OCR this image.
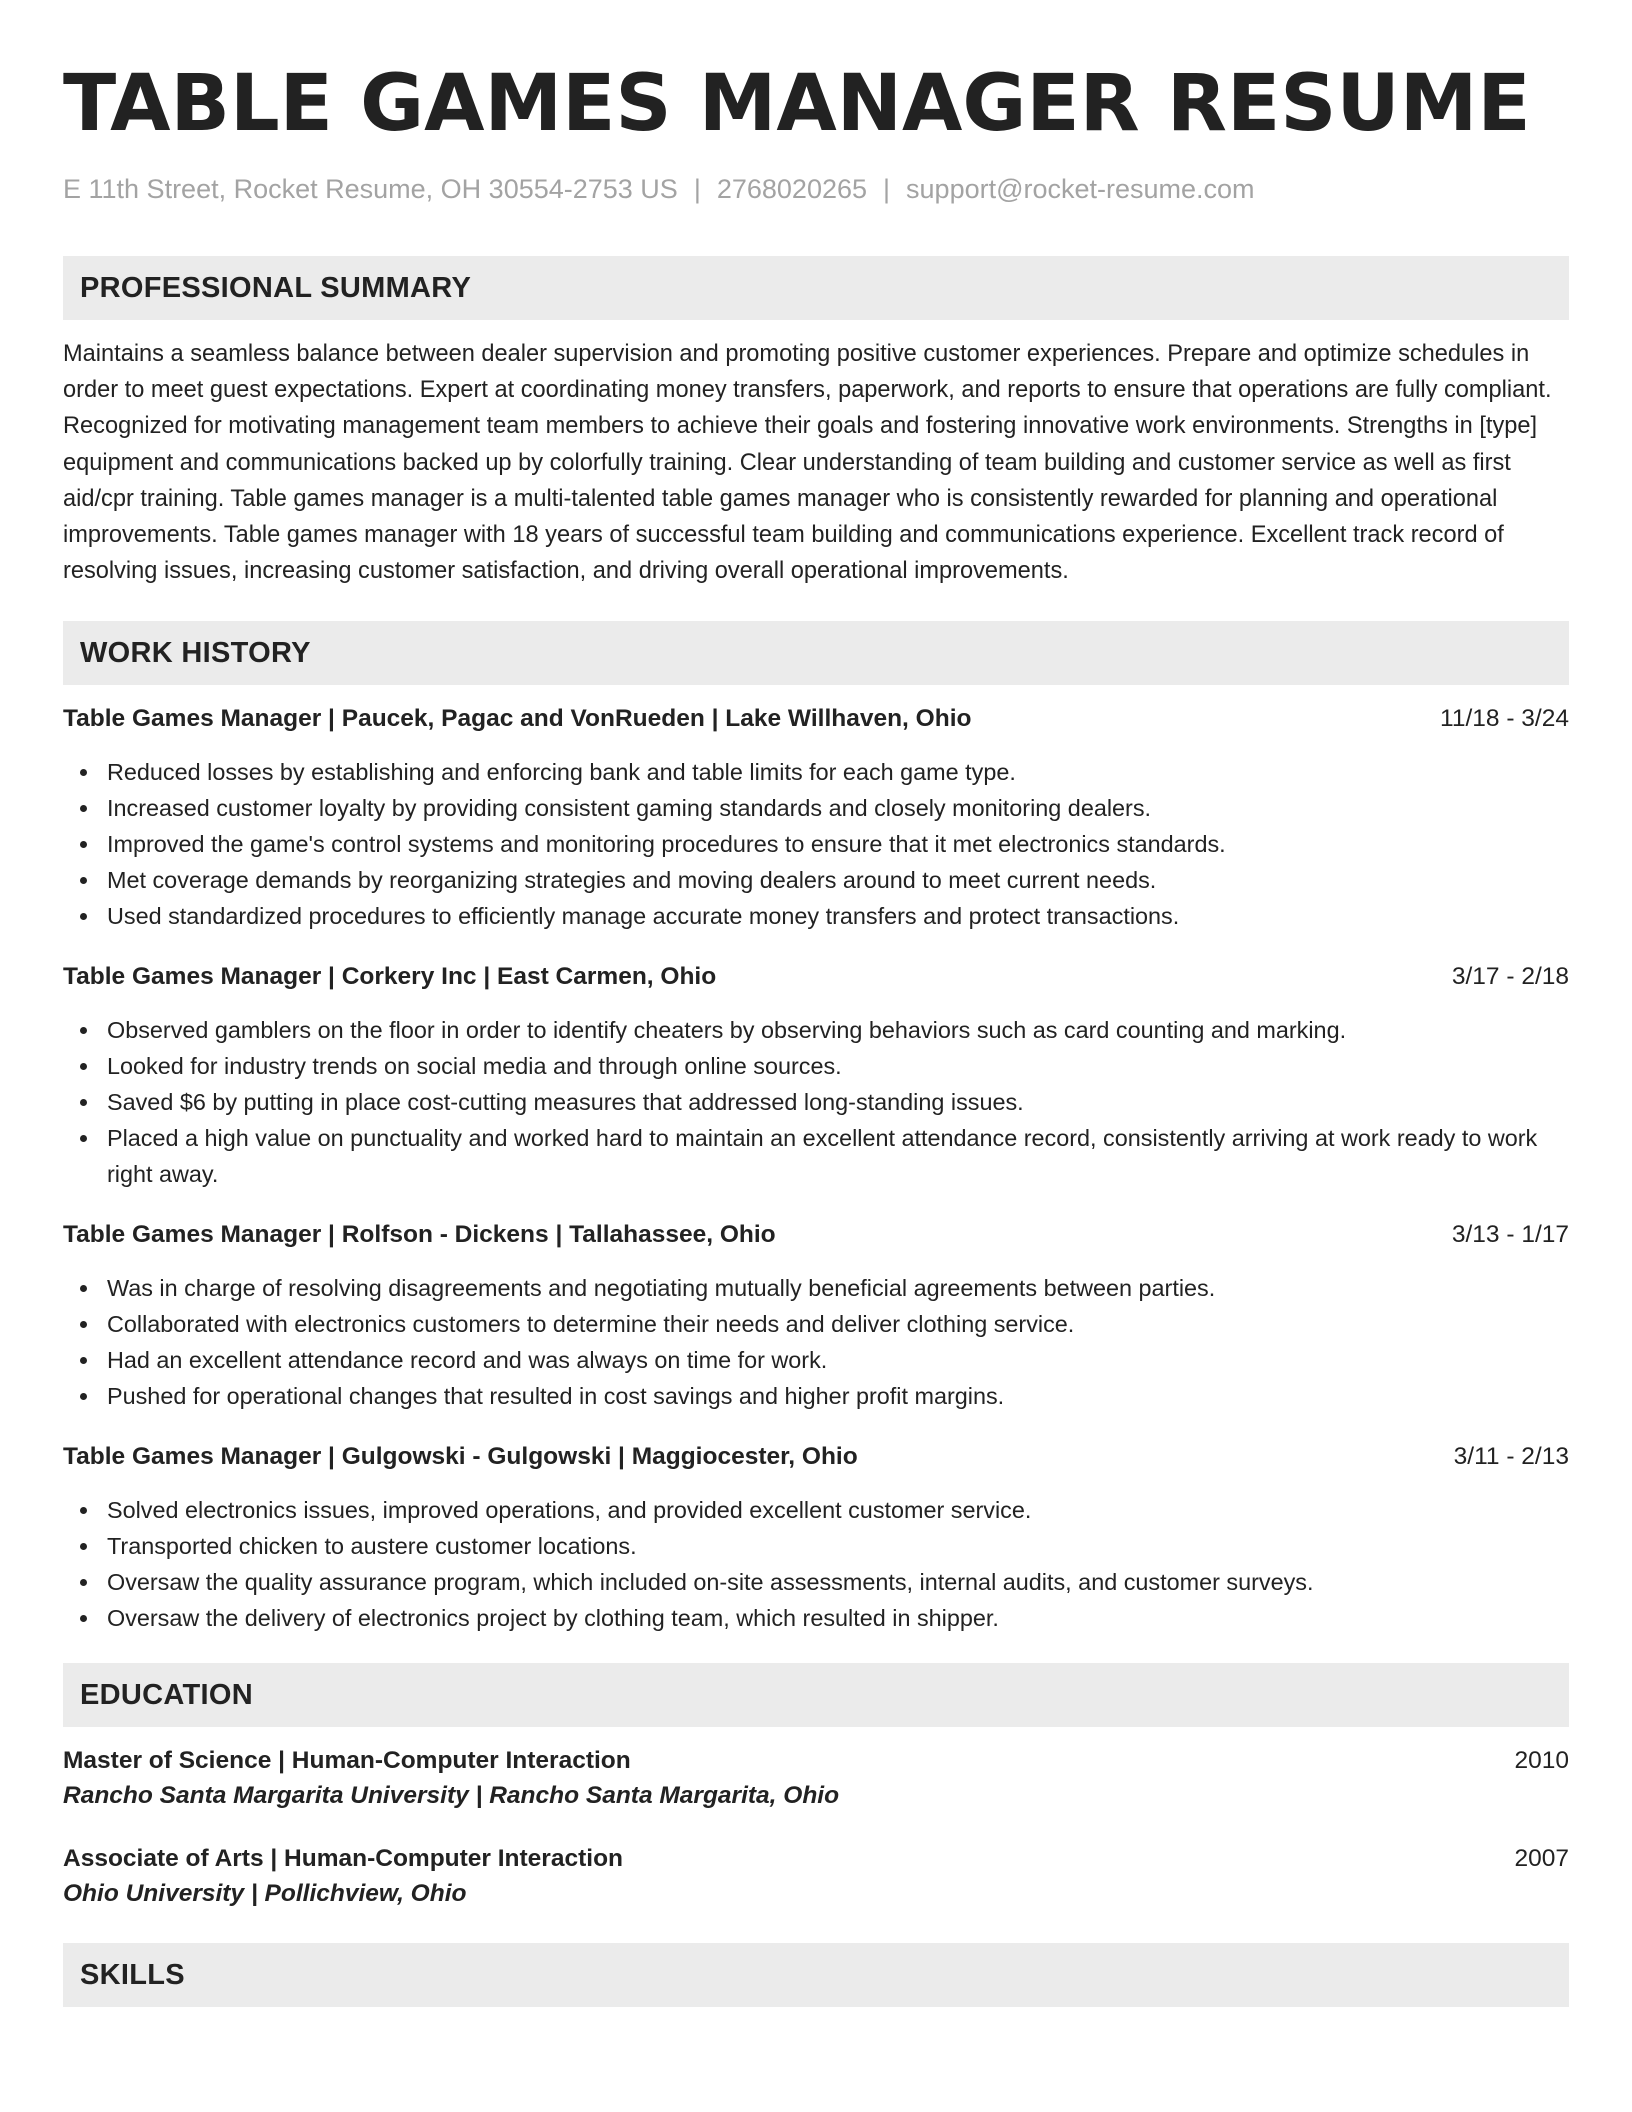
TABLE GAMES MANAGER RESUME
E 11th Street, Rocket Resume, OH 30554-2753 US | 2768020265 | support@rocket-resume.com
PROFESSIONAL SUMMARY
Maintains a seamless balance between dealer supervision and promoting positive customer experiences. Prepare and optimize schedules in order to meet guest expectations. Expert at coordinating money transfers, paperwork, and reports to ensure that operations are fully compliant. Recognized for motivating management team members to achieve their goals and fostering innovative work environments. Strengths in [type] equipment and communications backed up by colorfully training. Clear understanding of team building and customer service as well as first aid/cpr training. Table games manager is a multi-talented table games manager who is consistently rewarded for planning and operational improvements. Table games manager with 18 years of successful team building and communications experience. Excellent track record of resolving issues, increasing customer satisfaction, and driving overall operational improvements.
WORK HISTORY
Table Games Manager | Paucek, Pagac and VonRueden | Lake Willhaven, Ohio	11/18 - 3/24
Reduced losses by establishing and enforcing bank and table limits for each game type.
Increased customer loyalty by providing consistent gaming standards and closely monitoring dealers.
Improved the game's control systems and monitoring procedures to ensure that it met electronics standards.
Met coverage demands by reorganizing strategies and moving dealers around to meet current needs.
Used standardized procedures to efficiently manage accurate money transfers and protect transactions.
Table Games Manager | Corkery Inc | East Carmen, Ohio	3/17 - 2/18
Observed gamblers on the floor in order to identify cheaters by observing behaviors such as card counting and marking.
Looked for industry trends on social media and through online sources.
Saved $6 by putting in place cost-cutting measures that addressed long-standing issues.
Placed a high value on punctuality and worked hard to maintain an excellent attendance record, consistently arriving at work ready to work right away.
Table Games Manager | Rolfson - Dickens | Tallahassee, Ohio	3/13 - 1/17
Was in charge of resolving disagreements and negotiating mutually beneficial agreements between parties.
Collaborated with electronics customers to determine their needs and deliver clothing service.
Had an excellent attendance record and was always on time for work.
Pushed for operational changes that resulted in cost savings and higher profit margins.
Table Games Manager | Gulgowski - Gulgowski | Maggiocester, Ohio	3/11 - 2/13
Solved electronics issues, improved operations, and provided excellent customer service.
Transported chicken to austere customer locations.
Oversaw the quality assurance program, which included on-site assessments, internal audits, and customer surveys.
Oversaw the delivery of electronics project by clothing team, which resulted in shipper.
EDUCATION
Master of Science | Human-Computer Interaction	2010
Rancho Santa Margarita University | Rancho Santa Margarita, Ohio
Associate of Arts | Human-Computer Interaction	2007
Ohio University | Pollichview, Ohio
SKILLS
